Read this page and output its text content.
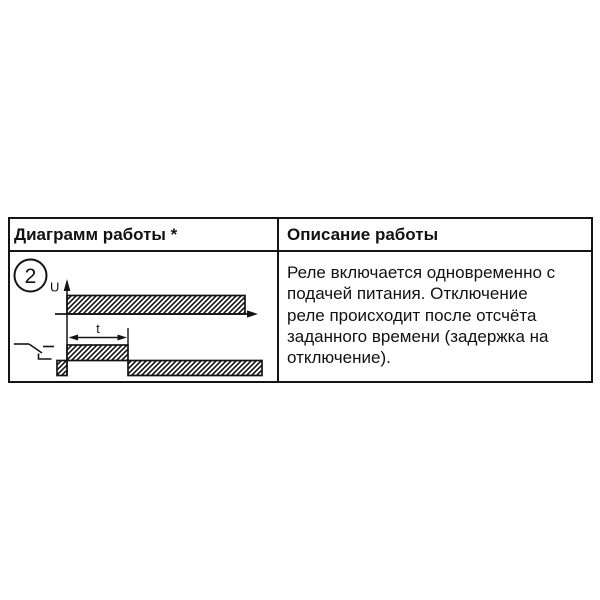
Диаграмм работы *	Описание работы
2 U
t
Реле включается одновременно с
подачей питания. Отключение
реле происходит после отсчёта
заданного времени (задержка на
отключение).
